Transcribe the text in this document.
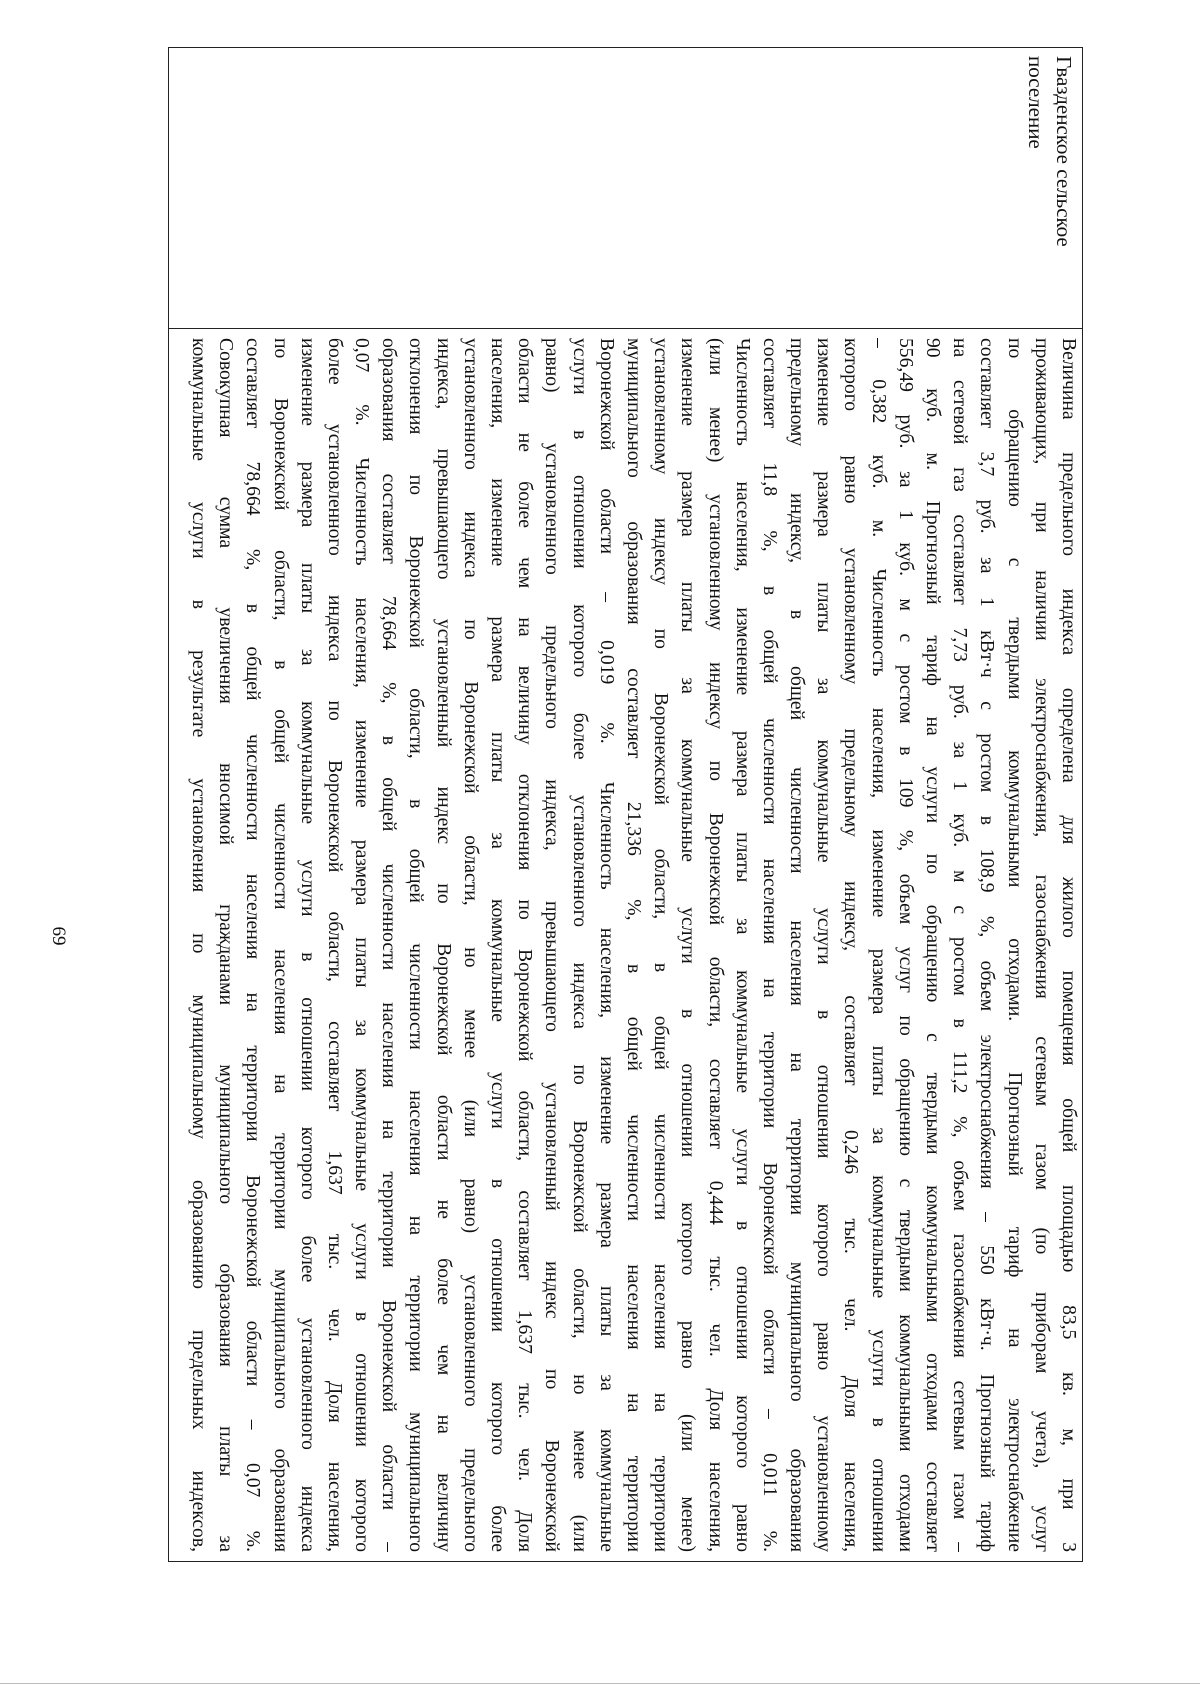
69
Гвазденское сельское поселение
Величина предельного индекса определена для жилого помещения общей площадью 83,5 кв. м, при 3
проживающих, при наличии электроснабжения, газоснабжения сетевым газом (по приборам учета), услуг
по обращению с твердыми коммунальными отходами. Прогнозный тариф на электроснабжение
составляет 3,7 руб. за 1 кВт·ч с ростом в 108,9 %, объем электроснабжения – 550 кВт·ч. Прогнозный тариф
на сетевой газ составляет 7,73 руб. за 1 куб. м с ростом в 111,2 %, объем газоснабжения сетевым газом –
90 куб. м. Прогнозный тариф на услуги по обращению с твердыми коммунальными отходами составляет
556,49 руб. за 1 куб. м с ростом в 109 %, объем услуг по обращению с твердыми коммунальными отходами
– 0,382 куб. м. Численность населения, изменение размера платы за коммунальные услуги в отношении
которого равно установленному предельному индексу, составляет 0,246 тыс. чел. Доля населения,
изменение размера платы за коммунальные услуги в отношении которого равно установленному
предельному индексу, в общей численности населения на территории муниципального образования
составляет 11,8 %, в общей численности населения на территории Воронежской области – 0,011 %.
Численность населения, изменение размера платы за коммунальные услуги в отношении которого равно
(или менее) установленному индексу по Воронежской области, составляет 0,444 тыс. чел. Доля населения,
изменение размера платы за коммунальные услуги в отношении которого равно (или менее)
установленному индексу по Воронежской области, в общей численности населения на территории
муниципального образования составляет 21,336 %, в общей численности населения на территории
Воронежской области – 0,019 %. Численность населения, изменение размера платы за коммунальные
услуги в отношении которого более установленного индекса по Воронежской области, но менее (или
равно) установленного предельного индекса, превышающего установленный индекс по Воронежской
области не более чем на величину отклонения по Воронежской области, составляет 1,637 тыс. чел. Доля
населения, изменение размера платы за коммунальные услуги в отношении которого более
установленного индекса по Воронежской области, но менее (или равно) установленного предельного
индекса, превышающего установленный индекс по Воронежской области не более чем на величину
отклонения по Воронежской области, в общей численности населения на территории муниципального
образования составляет 78,664 %, в общей численности населения на территории Воронежской области –
0,07 %. Численность населения, изменение размера платы за коммунальные услуги в отношении которого
более установленного индекса по Воронежской области, составляет 1,637 тыс. чел. Доля населения,
изменение размера платы за коммунальные услуги в отношении которого более установленного индекса
по Воронежской области, в общей численности населения на территории муниципального образования
составляет 78,664 %, в общей численности населения на территории Воронежской области – 0,07 %.
Совокупная сумма увеличения вносимой гражданами муниципального образования платы за
коммунальные услуги в результате установления по муниципальному образованию предельных индексов,
